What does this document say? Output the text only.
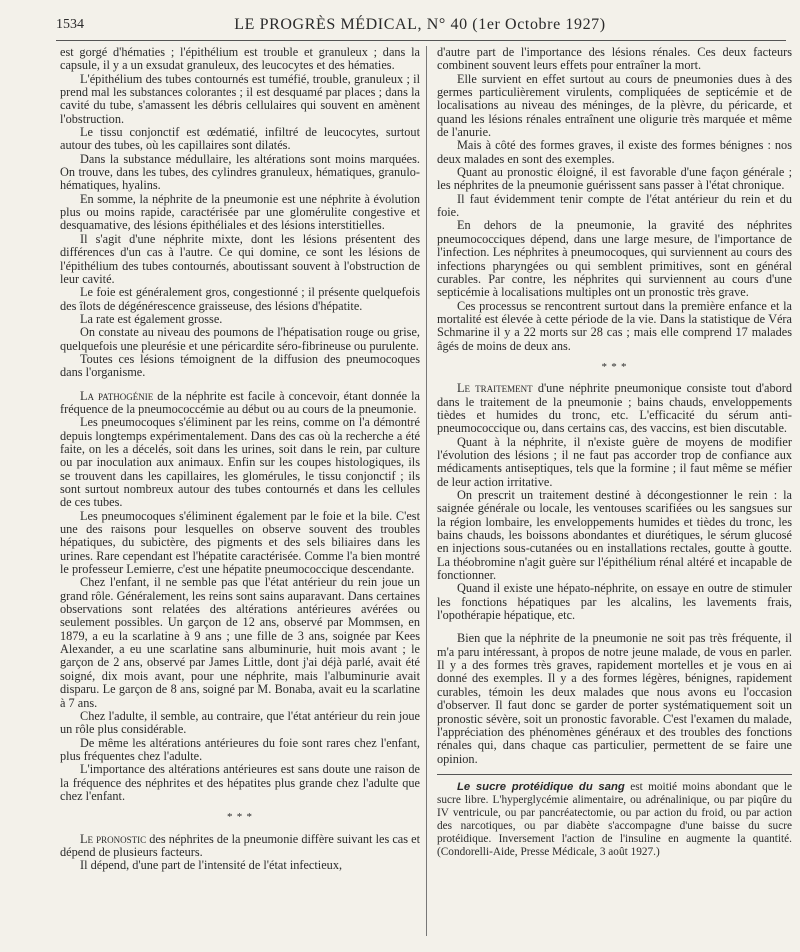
1534	LE PROGRÈS MÉDICAL, N° 40 (1er Octobre 1927)

est gorgé d'hématies ; l'épithélium est trouble et granuleux ; dans la capsule, il y a un exsudat granuleux, des leucocytes et des hématies.

L'épithélium des tubes contournés est tuméfié, trouble, granuleux ; il prend mal les substances colorantes ; il est desquamé par places ; dans la cavité du tube, s'amassent les débris cellulaires qui souvent en amènent l'obstruction.

Le tissu conjonctif est œdématié, infiltré de leucocytes, surtout autour des tubes, où les capillaires sont dilatés.

Dans la substance médullaire, les altérations sont moins marquées. On trouve, dans les tubes, des cylindres granuleux, hématiques, granulo-hématiques, hyalins.

En somme, la néphrite de la pneumonie est une néphrite à évolution plus ou moins rapide, caractérisée par une glomérulite congestive et desquamative, des lésions épithéliales et des lésions interstitielles.

Il s'agit d'une néphrite mixte, dont les lésions présentent des différences d'un cas à l'autre. Ce qui domine, ce sont les lésions de l'épithélium des tubes contournés, aboutissant souvent à l'obstruction de leur cavité.

Le foie est généralement gros, congestionné ; il présente quelquefois des îlots de dégénérescence graisseuse, des lésions d'hépatite.

La rate est également grosse.

On constate au niveau des poumons de l'hépatisation rouge ou grise, quelquefois une pleurésie et une péricardite séro-fibrineuse ou purulente.

Toutes ces lésions témoignent de la diffusion des pneumocoques dans l'organisme.

La pathogénie de la néphrite est facile à concevoir, étant donnée la fréquence de la pneumococcémie au début ou au cours de la pneumonie.

Les pneumocoques s'éliminent par les reins, comme on l'a démontré depuis longtemps expérimentalement. Dans des cas où la recherche a été faite, on les a décelés, soit dans les urines, soit dans le rein, par culture ou par inoculation aux animaux. Enfin sur les coupes histologiques, ils se trouvent dans les capillaires, les glomérules, le tissu conjonctif ; ils sont surtout nombreux autour des tubes contournés et dans les cellules de ces tubes.

Les pneumocoques s'éliminent également par le foie et la bile. C'est une des raisons pour lesquelles on observe souvent des troubles hépatiques, du subictère, des pigments et des sels biliaires dans les urines. Rare cependant est l'hépatite caractérisée. Comme l'a bien montré le professeur Lemierre, c'est une hépatite pneumococcique descendante.

Chez l'enfant, il ne semble pas que l'état antérieur du rein joue un grand rôle. Généralement, les reins sont sains auparavant. Dans certaines observations sont relatées des altérations antérieures avérées ou seulement possibles. Un garçon de 12 ans, observé par Mommsen, en 1879, a eu la scarlatine à 9 ans ; une fille de 3 ans, soignée par Kees Alexander, a eu une scarlatine sans albuminurie, huit mois avant ; le garçon de 2 ans, observé par James Little, dont j'ai déjà parlé, avait été soigné, dix mois avant, pour une néphrite, mais l'albuminurie avait disparu. Le garçon de 8 ans, soigné par M. Bonaba, avait eu la scarlatine à 7 ans.

Chez l'adulte, il semble, au contraire, que l'état antérieur du rein joue un rôle plus considérable.

De même les altérations antérieures du foie sont rares chez l'enfant, plus fréquentes chez l'adulte.

L'importance des altérations antérieures est sans doute une raison de la fréquence des néphrites et des hépatites plus grande chez l'adulte que chez l'enfant.

* * *

Le pronostic des néphrites de la pneumonie diffère suivant les cas et dépend de plusieurs facteurs.

Il dépend, d'une part de l'intensité de l'état infectieux,

d'autre part de l'importance des lésions rénales. Ces deux facteurs combinent souvent leurs effets pour entraîner la mort.

Elle survient en effet surtout au cours de pneumonies dues à des germes particulièrement virulents, compliquées de septicémie et de localisations au niveau des méninges, de la plèvre, du péricarde, et quand les lésions rénales entraînent une oligurie très marquée et même de l'anurie.

Mais à côté des formes graves, il existe des formes bénignes : nos deux malades en sont des exemples.

Quant au pronostic éloigné, il est favorable d'une façon générale ; les néphrites de la pneumonie guérissent sans passer à l'état chronique.

Il faut évidemment tenir compte de l'état antérieur du rein et du foie.

En dehors de la pneumonie, la gravité des néphrites pneumococciques dépend, dans une large mesure, de l'importance de l'infection. Les néphrites à pneumocoques, qui surviennent au cours des infections pharyngées ou qui semblent primitives, sont en général curables. Par contre, les néphrites qui surviennent au cours d'une septicémie à localisations multiples ont un pronostic très grave.

Ces processus se rencontrent surtout dans la première enfance et la mortalité est élevée à cette période de la vie. Dans la statistique de Véra Schmarine il y a 22 morts sur 28 cas ; mais elle comprend 17 malades âgés de moins de deux ans.

* * *

Le traitement d'une néphrite pneumonique consiste tout d'abord dans le traitement de la pneumonie ; bains chauds, enveloppements tièdes et humides du tronc, etc. L'efficacité du sérum anti-pneumococcique ou, dans certains cas, des vaccins, est bien discutable.

Quant à la néphrite, il n'existe guère de moyens de modifier l'évolution des lésions ; il ne faut pas accorder trop de confiance aux médicaments antiseptiques, tels que la formine ; il faut même se méfier de leur action irritative.

On prescrit un traitement destiné à décongestionner le rein : la saignée générale ou locale, les ventouses scarifiées ou les sangsues sur la région lombaire, les enveloppements humides et tièdes du tronc, les bains chauds, les boissons abondantes et diurétiques, le sérum glucosé en injections sous-cutanées ou en installations rectales, goutte à goutte. La théobromine n'agit guère sur l'épithélium rénal altéré et incapable de fonctionner.

Quand il existe une hépato-néphrite, on essaye en outre de stimuler les fonctions hépatiques par les alcalins, les lavements frais, l'opothérapie hépatique, etc.

Bien que la néphrite de la pneumonie ne soit pas très fréquente, il m'a paru intéressant, à propos de notre jeune malade, de vous en parler. Il y a des formes très graves, rapidement mortelles et je vous en ai donné des exemples. Il y a des formes légères, bénignes, rapidement curables, témoin les deux malades que nous avons eu l'occasion d'observer. Il faut donc se garder de porter systématiquement soit un pronostic sévère, soit un pronostic favorable. C'est l'examen du malade, l'appréciation des phénomènes généraux et des troubles des fonctions rénales qui, dans chaque cas particulier, permettent de se faire une opinion.

Le sucre protéidique du sang est moitié moins abondant que le sucre libre. L'hyperglycémie alimentaire, ou adrénalinique, ou par piqûre du IV ventricule, ou par pancréatectomie, ou par action du froid, ou par action des narcotiques, ou par diabète s'accompagne d'une baisse du sucre protéidique. Inversement l'action de l'insuline en augmente la quantité. (Condorelli-Aide, Presse Médicale, 3 août 1927.)
